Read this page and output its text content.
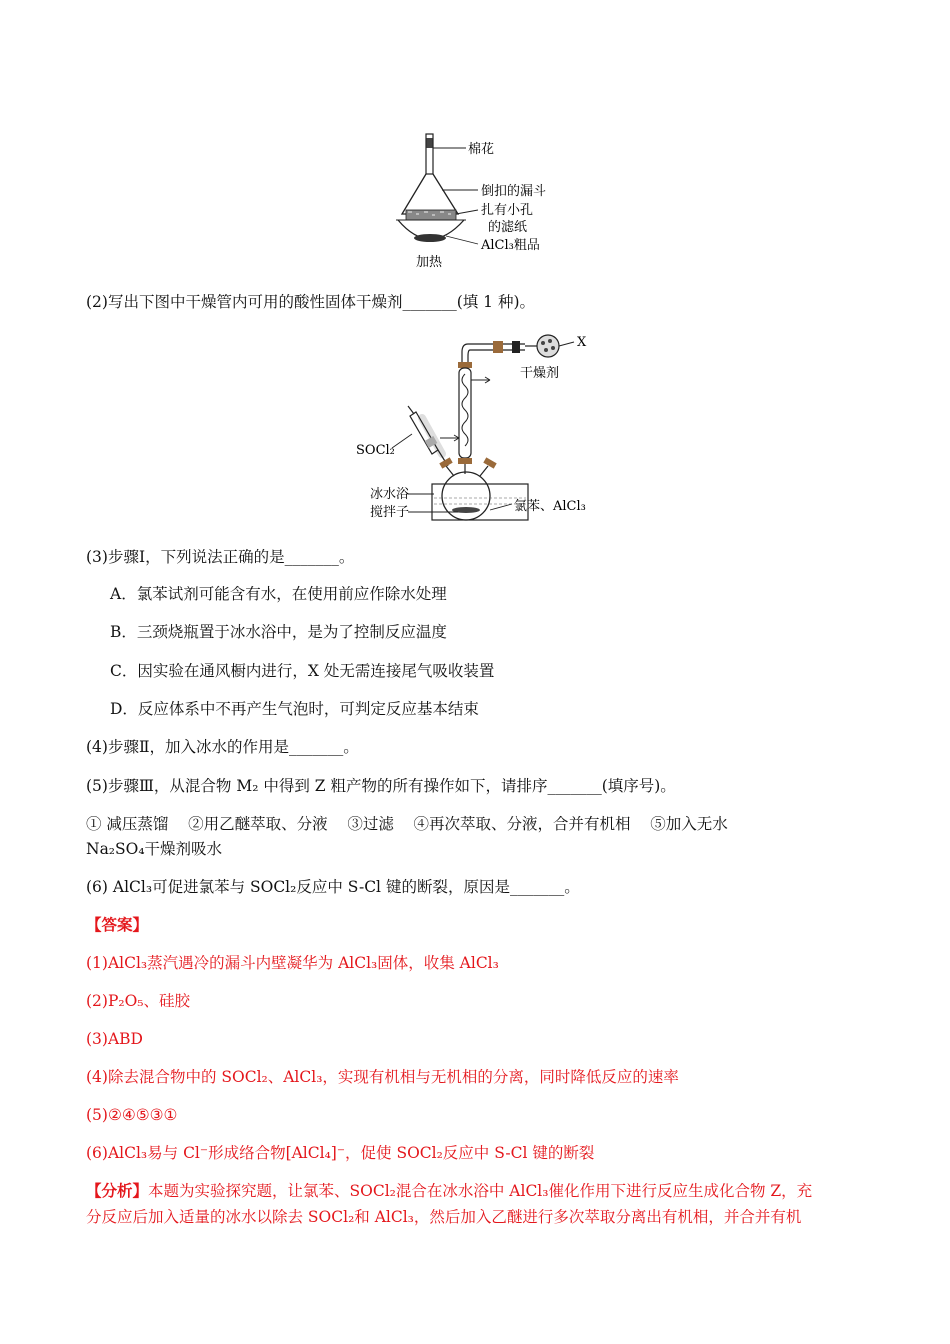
棉花
倒扣的漏斗
扎有小孔
的滤纸
AlCl₃粗品
加热
(2)写出下图中干燥管内可用的酸性固体干燥剂_______(填 1 种)。
X
干燥剂
SOCl₂
冰水浴
搅拌子	氯苯、AlCl₃
(3)步骤Ⅰ，下列说法正确的是_______。
A．氯苯试剂可能含有水，在使用前应作除水处理
B．三颈烧瓶置于冰水浴中，是为了控制反应温度
C．因实验在通风橱内进行，X 处无需连接尾气吸收装置
D．反应体系中不再产生气泡时，可判定反应基本结束
(4)步骤Ⅱ，加入冰水的作用是_______。
(5)步骤Ⅲ，从混合物 M₂ 中得到 Z 粗产物的所有操作如下，请排序_______(填序号)。
① 减压蒸馏    ②用乙醚萃取、分液    ③过滤    ④再次萃取、分液，合并有机相    ⑤加入无水
Na₂SO₄干燥剂吸水
(6) AlCl₃可促进氯苯与 SOCl₂反应中 S-Cl 键的断裂，原因是_______。
【答案】
(1)AlCl₃蒸汽遇冷的漏斗内壁凝华为 AlCl₃固体，收集 AlCl₃
(2)P₂O₅、硅胶
(3)ABD
(4)除去混合物中的 SOCl₂、AlCl₃，实现有机相与无机相的分离，同时降低反应的速率
(5)②④⑤③①
(6)AlCl₃易与 Cl⁻形成络合物[AlCl₄]⁻，促使 SOCl₂反应中 S-Cl 键的断裂
【分析】本题为实验探究题，让氯苯、SOCl₂混合在冰水浴中 AlCl₃催化作用下进行反应生成化合物 Z，充
分反应后加入适量的冰水以除去 SOCl₂和 AlCl₃，然后加入乙醚进行多次萃取分离出有机相，并合并有机
